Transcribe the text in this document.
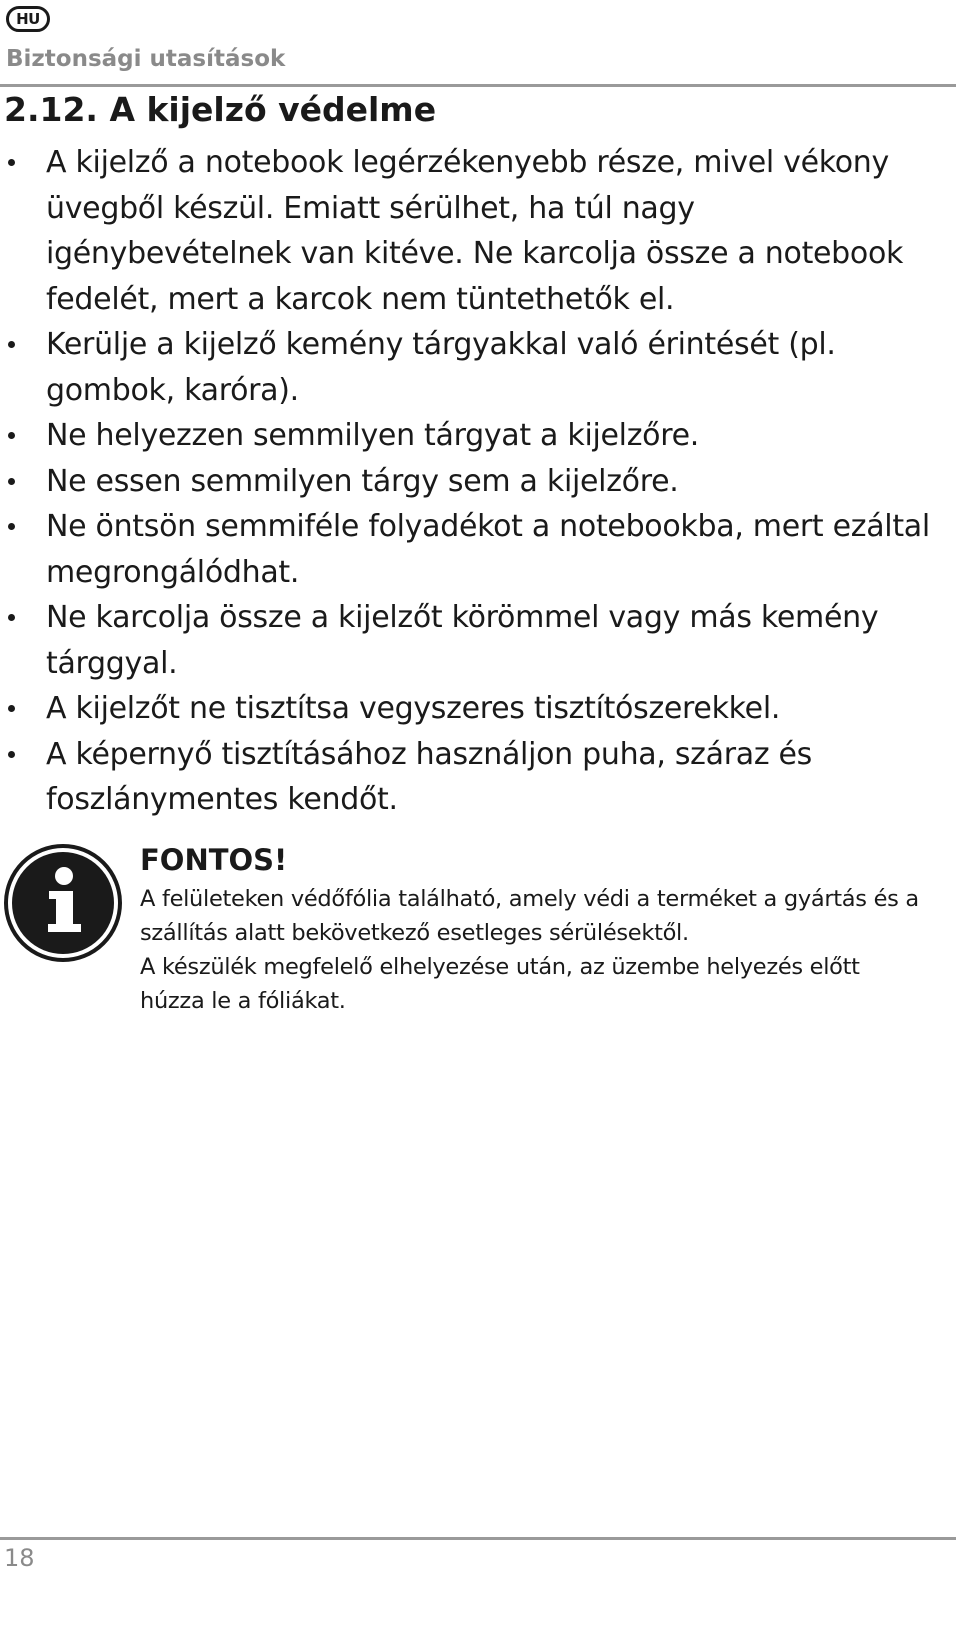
HU
Biztonsági utasítások
2.12. A kijelző védelme
A kijelző a notebook legérzékenyebb része, mivel vékony üvegből készül. Emiatt sérülhet, ha túl nagy igénybevételnek van kitéve. Ne karcolja össze a notebook fedelét, mert a karcok nem tüntethetők el.
Kerülje a kijelző kemény tárgyakkal való érintését (pl. gombok, karóra).
Ne helyezzen semmilyen tárgyat a kijelzőre.
Ne essen semmilyen tárgy sem a kijelzőre.
Ne öntsön semmiféle folyadékot a notebookba, mert ezáltal megrongálódhat.
Ne karcolja össze a kijelzőt körömmel vagy más kemény tárggyal.
A kijelzőt ne tisztítsa vegyszeres tisztítószerekkel.
A képernyő tisztításához használjon puha, száraz és foszlánymentes kendőt.
FONTOS!

A felületeken védőfólia található, amely védi a terméket a gyártás és a szállítás alatt bekövetkező esetleges sérülésektől.

A készülék megfelelő elhelyezése után, az üzembe helyezés előtt húzza le a fóliákat.

18
